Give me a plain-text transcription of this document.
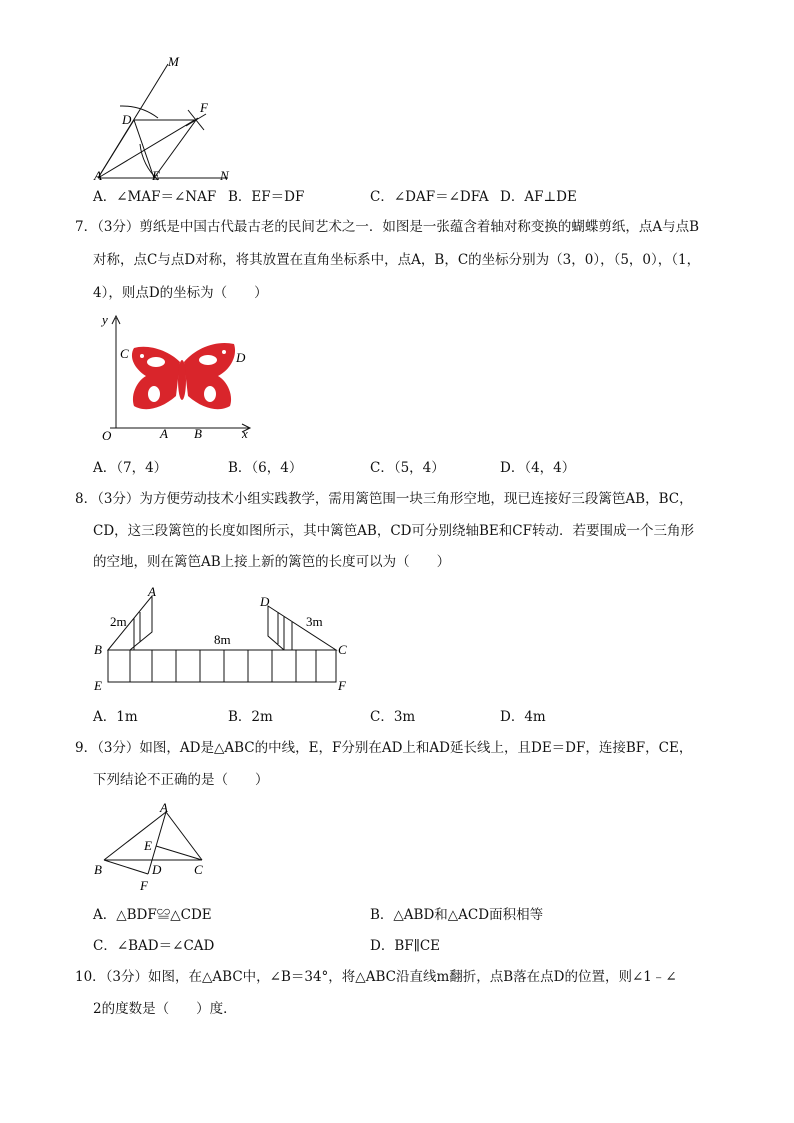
M
F
D
A	E	N
A．∠MAF＝∠NAF B．EF＝DF	C．∠DAF＝∠DFA D．AF⊥DE
7．（3分）剪纸是中国古代最古老的民间艺术之一．如图是一张蕴含着轴对称变换的蝴蝶剪纸，点A与点B
对称，点C与点D对称，将其放置在直角坐标系中，点A，B，C的坐标分别为（3，0），（5，0），（1，
4），则点D的坐标为（　　）
y
x
O	A B
C	D
A．（7，4）	B．（6，4）	C．（5，4）	D．（4，4）
8．（3分）为方便劳动技术小组实践教学，需用篱笆围一块三角形空地，现已连接好三段篱笆AB，BC，
CD，这三段篱笆的长度如图所示，其中篱笆AB，CD可分别绕轴BE和CF转动．若要围成一个三角形
的空地，则在篱笆AB上接上新的篱笆的长度可以为（　　）
A
B	C
D
E	F
2m
8m
3m
A．1m	B．2m	C．3m	D．4m
9．（3分）如图，AD是△ABC的中线，E，F分别在AD上和AD延长线上，且DE＝DF，连接BF，CE，
下列结论不正确的是（　　）
A
B	C
D
E
F
A．△BDF≌△CDE	B．△ABD和△ACD面积相等
C．∠BAD＝∠CAD	D．BF∥CE
10．（3分）如图，在△ABC中，∠B＝34°，将△ABC沿直线m翻折，点B落在点D的位置，则∠1﹣∠
2的度数是（　　）度．
